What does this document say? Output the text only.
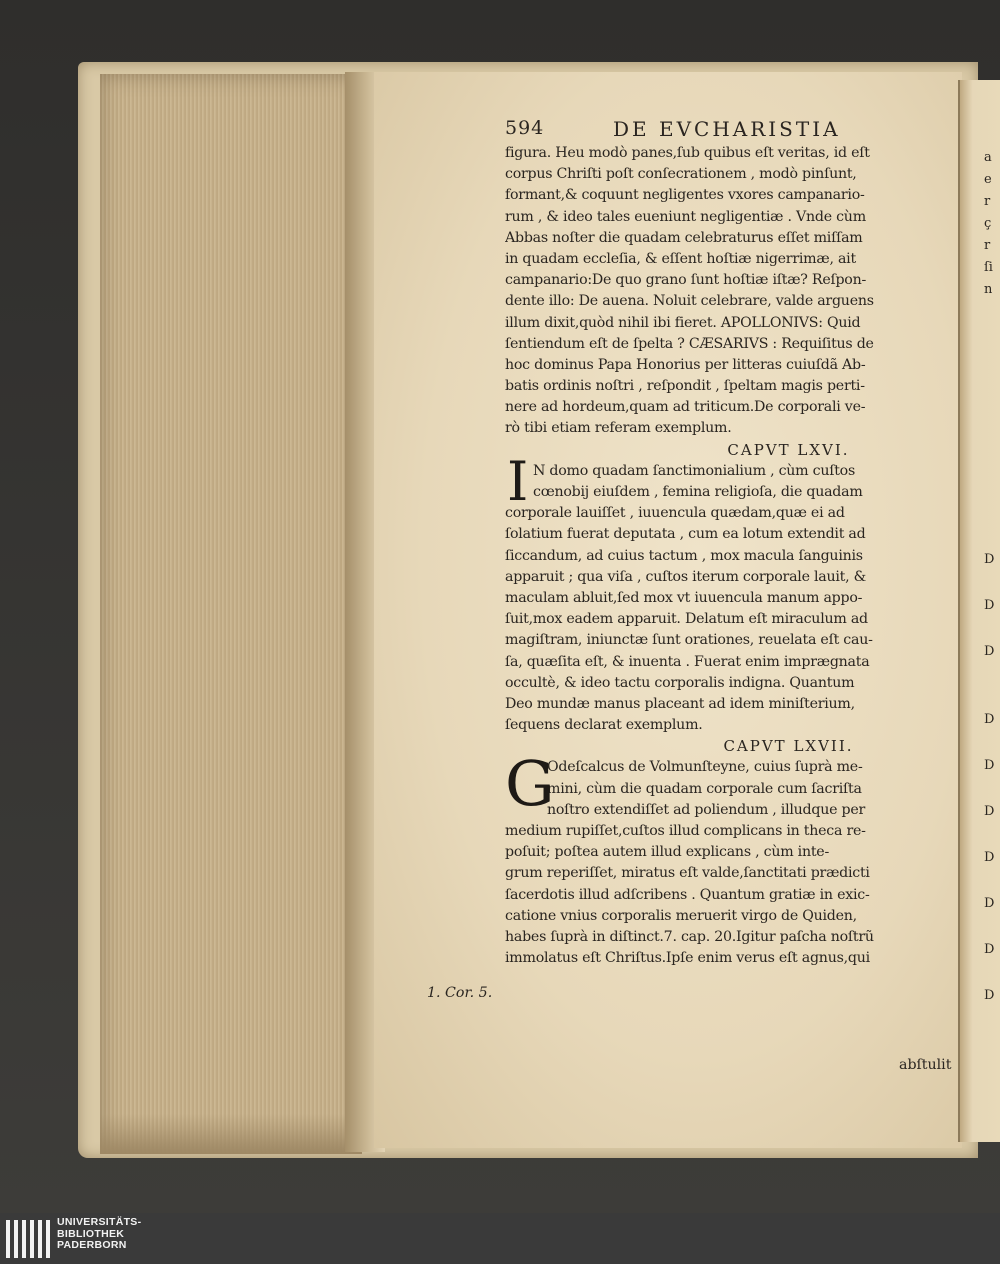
594	DE EVCHARISTIA
figura. Heu modò panes,ſub quibus eſt veritas, id eſt
corpus Chriſti poſt conſecrationem , modò pinſunt,
formant,& coquunt negligentes vxores campanario-
rum , & ideo tales eueniunt negligentiæ . Vnde cùm
Abbas noſter die quadam celebraturus eſſet miſſam
in quadam eccleſia, & eſſent hoſtiæ nigerrimæ, ait
campanario:De quo grano ſunt hoſtiæ iſtæ? Reſpon-
dente illo: De auena. Noluit celebrare, valde arguens
illum dixit,quòd nihil ibi fieret. APOLLONIVS: Quid
ſentiendum eſt de ſpelta ? CÆSARIVS : Requiſitus de
hoc dominus Papa Honorius per litteras cuiuſdã Ab-
batis ordinis noſtri , reſpondit , ſpeltam magis perti-
nere ad hordeum,quam ad triticum.De corporali ve-
rò tibi etiam referam exemplum.
CAPVT LXVI.
I N domo quadam ſanctimonialium , cùm cuſtos
cœnobij eiuſdem , femina religioſa, die quadam
corporale lauiſſet , iuuencula quædam,quæ ei ad
ſolatium fuerat deputata , cum ea lotum extendit ad
ſiccandum, ad cuius tactum , mox macula ſanguinis
apparuit ; qua viſa , cuſtos iterum corporale lauit, &
maculam abluit,ſed mox vt iuuencula manum appo-
ſuit,mox eadem apparuit. Delatum eſt miraculum ad
magiſtram, iniunctæ ſunt orationes, reuelata eſt cau-
ſa, quæſita eſt, & inuenta . Fuerat enim imprægnata
occultè, & ideo tactu corporalis indigna. Quantum
Deo mundæ manus placeant ad idem miniſterium,
ſequens declarat exemplum.
CAPVT LXVII.
G
Odeſcalcus de Volmunſteyne, cuius ſuprà me-
mini, cùm die quadam corporale cum ſacriſta
noſtro extendiſſet ad poliendum , illudque per
medium rupiſſet,cuſtos illud complicans in theca re-
poſuit; poſtea autem illud explicans , cùm inte-
grum reperiſſet, miratus eſt valde,ſanctitati prædicti
ſacerdotis illud adſcribens . Quantum gratiæ in exic-
catione vnius corporalis meruerit virgo de Quiden,
habes ſuprà in diſtinct.7. cap. 20.Igitur paſcha noſtrũ
immolatus eſt Chriſtus.Ipſe enim verus eſt agnus,qui
1. Cor. 5.
abſtulit
a
e
r
ç
r
ſi
n
D
D
D
D
D
D
D
D
D
D
UNIVERSITÄTS-
BIBLIOTHEK
PADERBORN
